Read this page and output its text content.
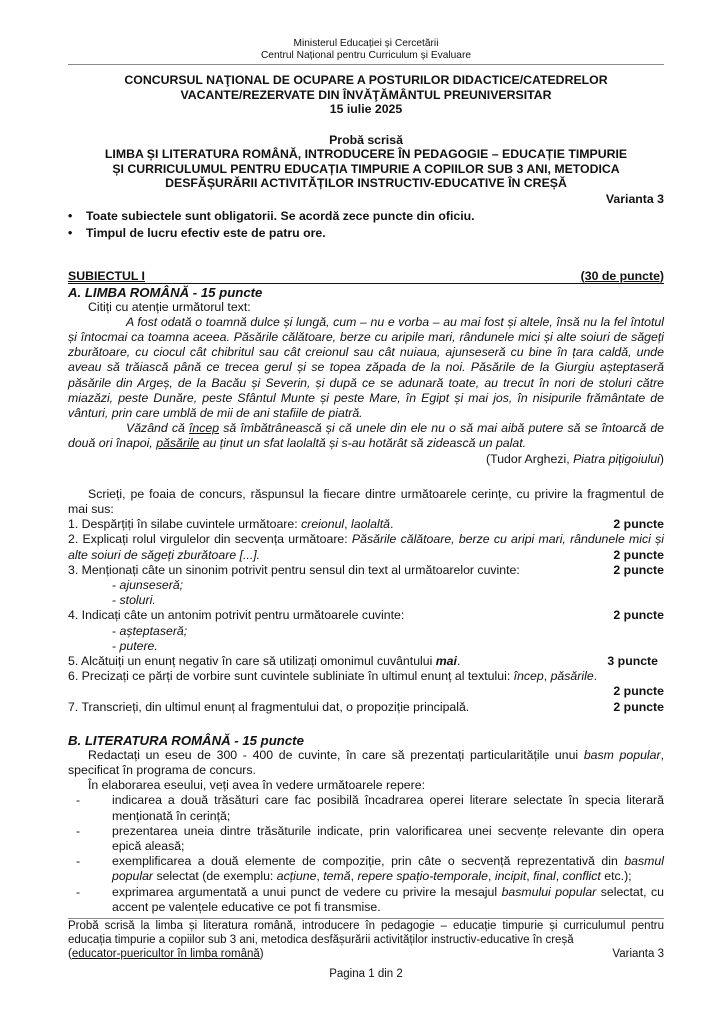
Ministerul Educației și Cercetării
Centrul Național pentru Curriculum și Evaluare
CONCURSUL NAŢIONAL DE OCUPARE A POSTURILOR DIDACTICE/CATEDRELOR
VACANTE/REZERVATE DIN ÎNVĂŢĂMÂNTUL PREUNIVERSITAR
15 iulie 2025
Probă scrisă
LIMBA ȘI LITERATURA ROMÂNĂ, INTRODUCERE ÎN PEDAGOGIE – EDUCAȚIE TIMPURIE
ȘI CURRICULUMUL PENTRU EDUCAȚIA TIMPURIE A COPIILOR SUB 3 ANI, METODICA
DESFĂȘURĂRII ACTIVITĂȚILOR INSTRUCTIV-EDUCATIVE ÎN CREȘĂ
Varianta 3
• Toate subiectele sunt obligatorii. Se acordă zece puncte din oficiu.
• Timpul de lucru efectiv este de patru ore.
SUBIECTUL I	(30 de puncte)
A. LIMBA ROMÂNĂ - 15 puncte
Citiți cu atenție următorul text:
A fost odată o toamnă dulce și lungă, cum ‒ nu e vorba ‒ au mai fost și altele, însă nu la fel întotul și întocmai ca toamna aceea. Păsările călătoare, berze cu aripile mari, rândunele mici și alte soiuri de săgeți zburătoare, cu ciocul cât chibritul sau cât creionul sau cât nuiaua, ajunseseră cu bine în țara caldă, unde aveau să trăiască până ce trecea gerul și se topea zăpada de la noi. Păsările de la Giurgiu așteptaseră păsările din Argeș, de la Bacău și Severin, și după ce se adunară toate, au trecut în nori de stoluri către miazăzi, peste Dunăre, peste Sfântul Munte și peste Mare, în Egipt și mai jos, în nisipurile frământate de vânturi, prin care umblă de mii de ani stafiile de piatră.
Văzând că încep să îmbătrânească și că unele din ele nu o să mai aibă putere să se întoarcă de două ori înapoi, păsările au ținut un sfat laolaltă și s-au hotărât să zidească un palat.
(Tudor Arghezi, Piatra pițigoiului)
Scrieți, pe foaia de concurs, răspunsul la fiecare dintre următoarele cerințe, cu privire la fragmentul de mai sus:
1. Despărțiți în silabe cuvintele următoare: creionul, laolaltă.	2 puncte
2. Explicați rolul virgulelor din secvența următoare: Păsările călătoare, berze cu aripi mari, rândunele mici și alte soiuri de săgeți zburătoare [...].	2 puncte
3. Menționați câte un sinonim potrivit pentru sensul din text al următoarelor cuvinte:	2 puncte
- ajunseseră;
- stoluri.
4. Indicați câte un antonim potrivit pentru următoarele cuvinte:	2 puncte
- așteptaseră;
- putere.
5. Alcătuiți un enunț negativ în care să utilizați omonimul cuvântului mai.	3 puncte
6. Precizați ce părți de vorbire sunt cuvintele subliniate în ultimul enunț al textului: încep, păsările.
2 puncte
7. Transcrieți, din ultimul enunț al fragmentului dat, o propoziție principală.	2 puncte
B. LITERATURA ROMÂNĂ - 15 puncte
Redactați un eseu de 300 - 400 de cuvinte, în care să prezentați particularitățile unui basm popular, specificat în programa de concurs.
În elaborarea eseului, veți avea în vedere următoarele repere:
-	indicarea a două trăsături care fac posibilă încadrarea operei literare selectate în specia literară menționată în cerință;
-	prezentarea uneia dintre trăsăturile indicate, prin valorificarea unei secvențe relevante din opera epică aleasă;
-	exemplificarea a două elemente de compoziție, prin câte o secvență reprezentativă din basmul popular selectat (de exemplu: acțiune, temă, repere spațio-temporale, incipit, final, conflict etc.);
-	exprimarea argumentată a unui punct de vedere cu privire la mesajul basmului popular selectat, cu accent pe valențele educative ce pot fi transmise.
Probă scrisă la limba și literatura română, introducere în pedagogie – educație timpurie și curriculumul pentru educația timpurie a copiilor sub 3 ani, metodica desfășurării activităților instructiv-educative în creșă
(educator-puericultor în limba română)	Varianta 3
Pagina 1 din 2
